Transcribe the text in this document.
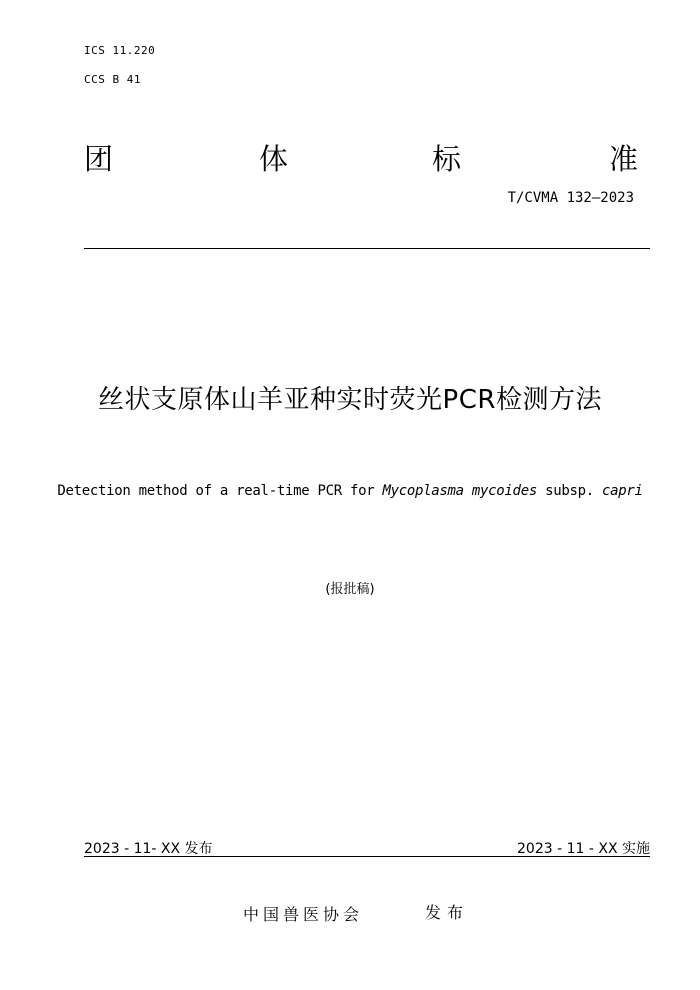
ICS 11.220
CCS B 41
团	体	标	准
T/CVMA 132—2023
丝状支原体山羊亚种实时荧光PCR检测方法
Detection method of a real-time PCR for Mycoplasma mycoides subsp. capri
(报批稿)
2023 - 11- XX 发布	2023 - 11 - XX 实施
中国兽医协会	发布
